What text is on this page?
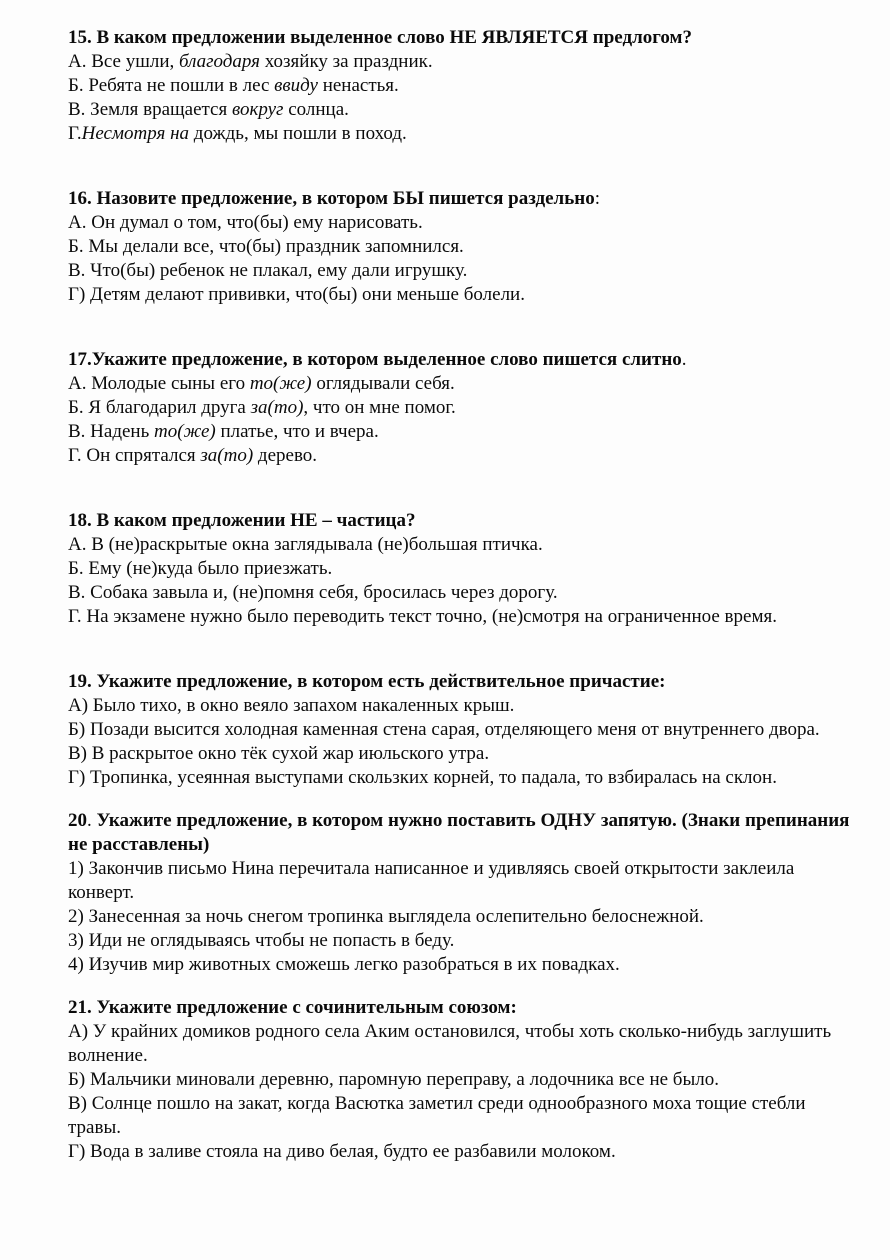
15. В каком предложении выделенное слово НЕ ЯВЛЯЕТСЯ предлогом?

А. Все ушли, благодаря хозяйку за праздник.

Б. Ребята не пошли в лес ввиду ненастья.

В. Земля вращается вокруг солнца.

Г.Несмотря на дождь, мы пошли в поход.

16. Назовите предложение, в котором БЫ пишется раздельно:

А. Он думал о том, что(бы) ему нарисовать.

Б. Мы делали все, что(бы) праздник запомнился.

В. Что(бы) ребенок не плакал, ему дали игрушку.

Г) Детям делают прививки, что(бы) они меньше болели.

17.Укажите предложение, в котором выделенное слово пишется слитно.

А. Молодые сыны его то(же) оглядывали себя.

Б. Я благодарил друга за(то), что он мне помог.

В. Надень то(же) платье, что и вчера.

Г. Он спрятался за(то) дерево.

18. В каком предложении НЕ – частица?

А. В (не)раскрытые окна заглядывала (не)большая птичка.

Б. Ему (не)куда было приезжать.

В. Собака завыла и, (не)помня себя, бросилась через дорогу.

Г. На экзамене нужно было переводить текст точно, (не)смотря на ограниченное время.

19. Укажите предложение, в котором есть действительное причастие:

А) Было тихо, в окно веяло запахом накаленных крыш.

Б) Позади высится холодная каменная стена сарая, отделяющего меня от внутреннего двора.

В) В раскрытое окно тёк сухой жар июльского утра.

Г) Тропинка, усеянная выступами скользких корней, то падала, то взбиралась на склон.

20. Укажите предложение, в котором нужно поставить ОДНУ запятую. (Знаки препинания не расставлены)

1) Закончив письмо Нина перечитала написанное и удивляясь своей открытости заклеила конверт.

2) Занесенная за ночь снегом тропинка выглядела ослепительно белоснежной.

3) Иди не оглядываясь чтобы не попасть в беду.

4) Изучив мир животных сможешь легко разобраться в их повадках.

21. Укажите предложение с сочинительным союзом:

А) У крайних домиков родного села Аким остановился, чтобы хоть сколько-нибудь заглушить волнение.

Б) Мальчики миновали деревню, паромную переправу, а лодочника все не было.

В) Солнце пошло на закат, когда Васютка заметил среди однообразного моха тощие стебли  травы.

Г) Вода в заливе стояла на диво белая, будто ее разбавили молоком.
